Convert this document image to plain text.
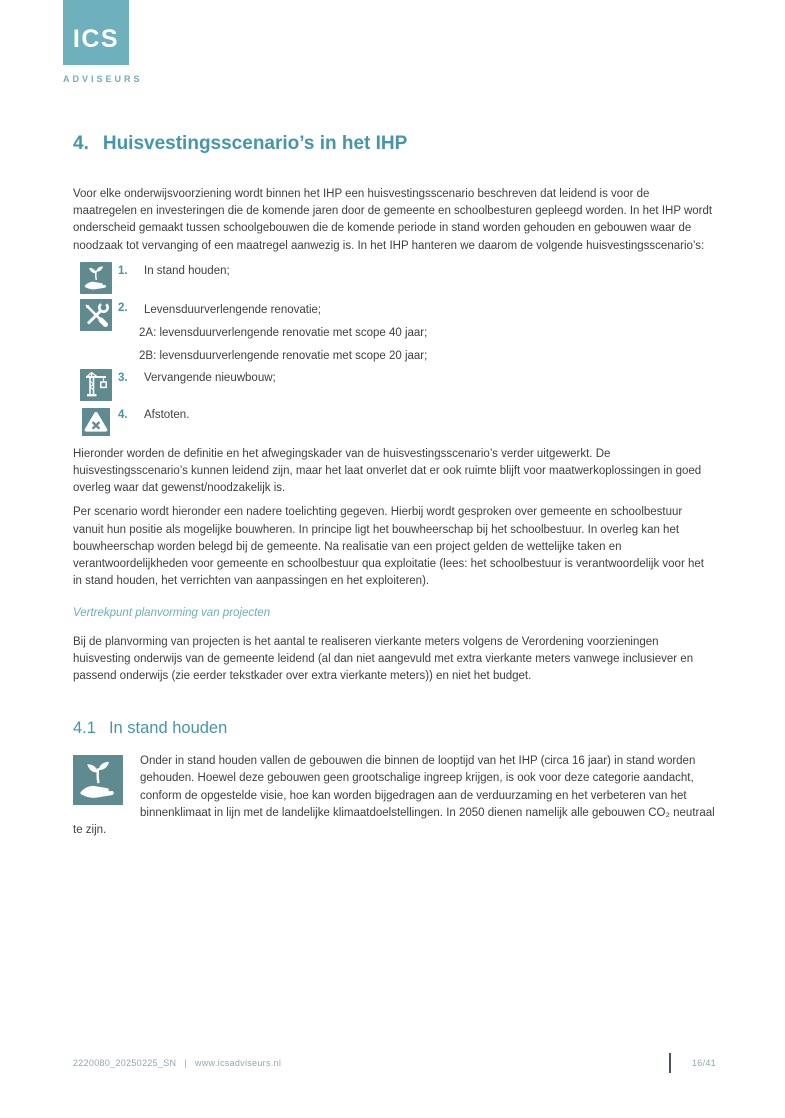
ICS
ADVISEURS
4. Huisvestingsscenario’s in het IHP

Voor elke onderwijsvoorziening wordt binnen het IHP een huisvestingsscenario beschreven dat leidend is voor de maatregelen en investeringen die de komende jaren door de gemeente en schoolbesturen gepleegd worden. In het IHP wordt onderscheid gemaakt tussen schoolgebouwen die de komende periode in stand worden gehouden en gebouwen waar de noodzaak tot vervanging of een maatregel aanwezig is. In het IHP hanteren we daarom de volgende huisvestingsscenario’s:

1.	In stand houden;
2.	Levensduurverlengende renovatie;
2A: levensduurverlengende renovatie met scope 40 jaar;
2B: levensduurverlengende renovatie met scope 20 jaar;
3.	Vervangende nieuwbouw;
4.	Afstoten.

Hieronder worden de definitie en het afwegingskader van de huisvestingsscenario’s verder uitgewerkt. De huisvestingsscenario’s kunnen leidend zijn, maar het laat onverlet dat er ook ruimte blijft voor maatwerkoplossingen in goed overleg waar dat gewenst/noodzakelijk is.

Per scenario wordt hieronder een nadere toelichting gegeven. Hierbij wordt gesproken over gemeente en schoolbestuur vanuit hun positie als mogelijke bouwheren. In principe ligt het bouwheerschap bij het schoolbestuur. In overleg kan het bouwheerschap worden belegd bij de gemeente. Na realisatie van een project gelden de wettelijke taken en verantwoordelijkheden voor gemeente en schoolbestuur qua exploitatie (lees: het schoolbestuur is verantwoordelijk voor het in stand houden, het verrichten van aanpassingen en het exploiteren).

Vertrekpunt planvorming van projecten

Bij de planvorming van projecten is het aantal te realiseren vierkante meters volgens de Verordening voorzieningen huisvesting onderwijs van de gemeente leidend (al dan niet aangevuld met extra vierkante meters vanwege inclusiever en passend onderwijs (zie eerder tekstkader over extra vierkante meters)) en niet het budget.

4.1 In stand houden
Onder in stand houden vallen de gebouwen die binnen de looptijd van het IHP (circa 16 jaar) in stand worden gehouden. Hoewel deze gebouwen geen grootschalige ingreep krijgen, is ook voor deze categorie aandacht, conform de opgestelde visie, hoe kan worden bijgedragen aan de verduurzaming en het verbeteren van het binnenklimaat in lijn met de landelijke klimaatdoelstellingen. In 2050 dienen namelijk alle gebouwen CO₂ neutraal te zijn.
2220080_20250225_SN | www.icsadviseurs.nl	16/41
